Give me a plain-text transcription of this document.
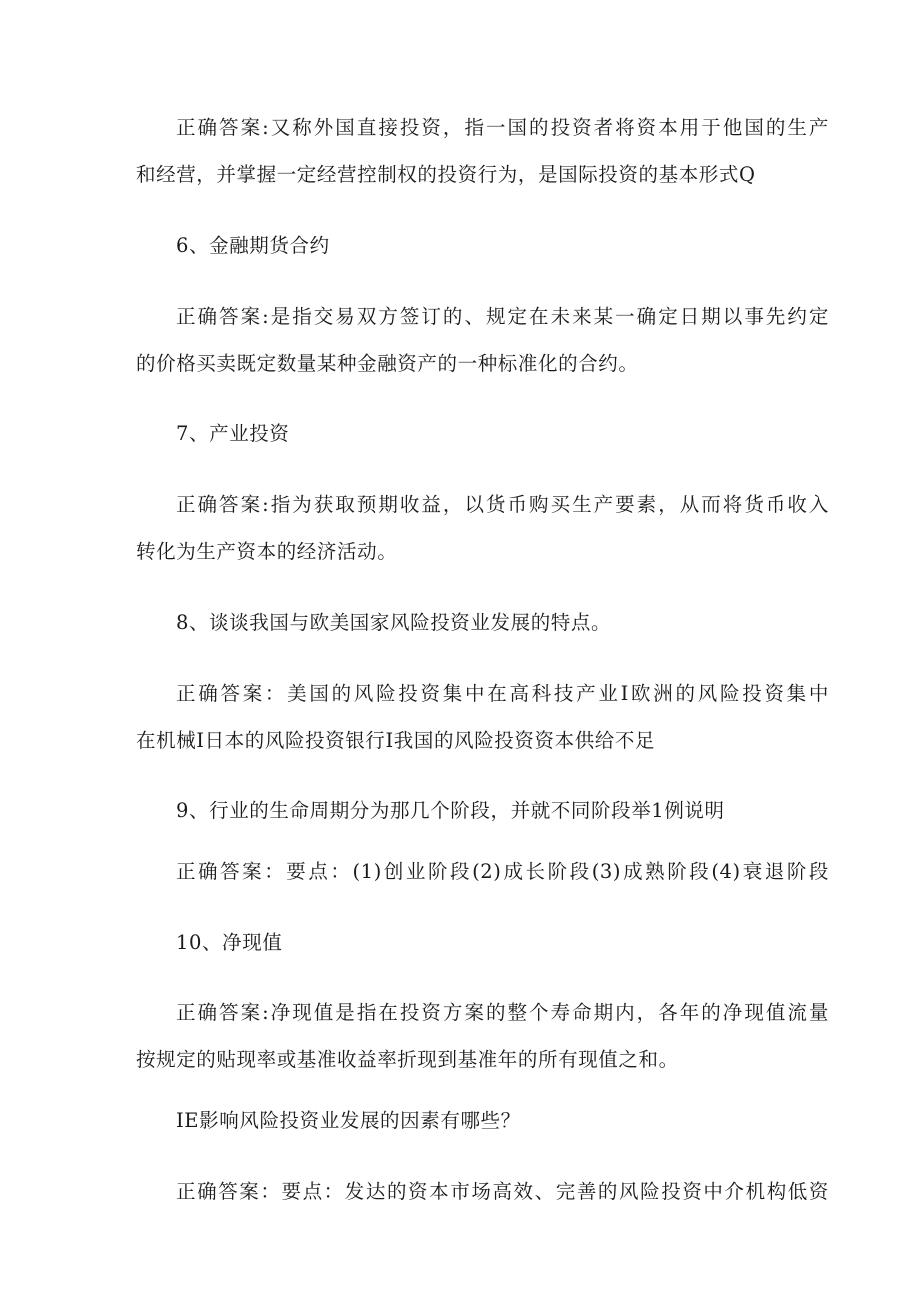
正确答案:又称外国直接投资，指一国的投资者将资本用于他国的生产
和经营，并掌握一定经营控制权的投资行为，是国际投资的基本形式Q
6、金融期货合约
正确答案:是指交易双方签订的、规定在未来某一确定日期以事先约定
的价格买卖既定数量某种金融资产的一种标准化的合约。
7、产业投资
正确答案:指为获取预期收益，以货币购买生产要素，从而将货币收入
转化为生产资本的经济活动。
8、谈谈我国与欧美国家风险投资业发展的特点。
正确答案：美国的风险投资集中在高科技产业I欧洲的风险投资集中
在机械I日本的风险投资银行I我国的风险投资资本供给不足
9、行业的生命周期分为那几个阶段，并就不同阶段举1例说明
正确答案：要点：(1)创业阶段(2)成长阶段(3)成熟阶段(4)衰退阶段
10、净现值
正确答案:净现值是指在投资方案的整个寿命期内，各年的净现值流量
按规定的贴现率或基准收益率折现到基准年的所有现值之和。
IE影响风险投资业发展的因素有哪些？
正确答案：要点：发达的资本市场高效、完善的风险投资中介机构低资
